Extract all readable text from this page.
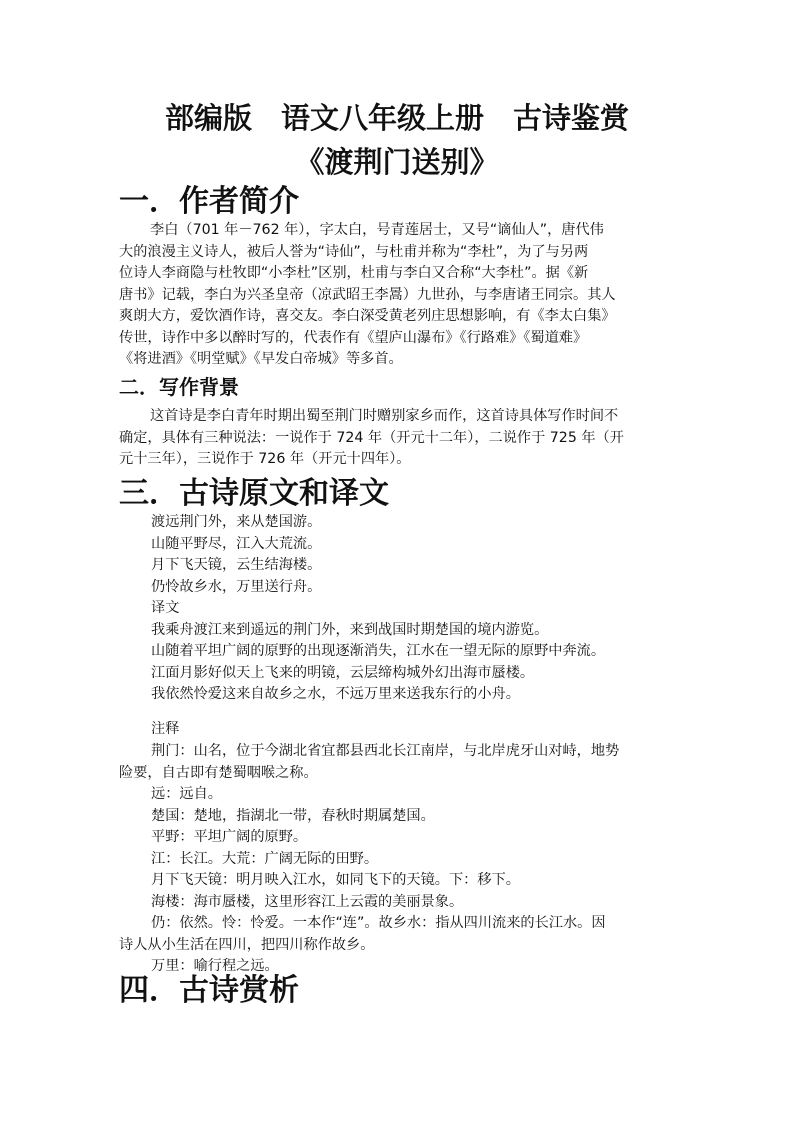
部编版　语文八年级上册　古诗鉴赏
《渡荆门送别》
一．作者简介
李白（701 年－762 年），字太白，号青莲居士，又号“谪仙人”，唐代伟
大的浪漫主义诗人，被后人誉为“诗仙”，与杜甫并称为“李杜”，为了与另两
位诗人李商隐与杜牧即“小李杜”区别，杜甫与李白又合称“大李杜”。据《新
唐书》记载，李白为兴圣皇帝（凉武昭王李暠）九世孙，与李唐诸王同宗。其人
爽朗大方，爱饮酒作诗，喜交友。李白深受黄老列庄思想影响，有《李太白集》
传世，诗作中多以醉时写的，代表作有《望庐山瀑布》《行路难》《蜀道难》
《将进酒》《明堂赋》《早发白帝城》等多首。
二．写作背景
这首诗是李白青年时期出蜀至荆门时赠别家乡而作，这首诗具体写作时间不
确定，具体有三种说法：一说作于 724 年（开元十二年），二说作于 725 年（开
元十三年），三说作于 726 年（开元十四年）。
三．古诗原文和译文
渡远荆门外，来从楚国游。
山随平野尽，江入大荒流。
月下飞天镜，云生结海楼。
仍怜故乡水，万里送行舟。
译文
我乘舟渡江来到遥远的荆门外，来到战国时期楚国的境内游览。
山随着平坦广阔的原野的出现逐渐消失，江水在一望无际的原野中奔流。
江面月影好似天上飞来的明镜，云层缔构城外幻出海市蜃楼。
我依然怜爱这来自故乡之水，不远万里来送我东行的小舟。
注释
荆门：山名，位于今湖北省宜都县西北长江南岸，与北岸虎牙山对峙，地势
险要，自古即有楚蜀咽喉之称。
远：远自。
楚国：楚地，指湖北一带，春秋时期属楚国。
平野：平坦广阔的原野。
江：长江。大荒：广阔无际的田野。
月下飞天镜：明月映入江水，如同飞下的天镜。下：移下。
海楼：海市蜃楼，这里形容江上云霞的美丽景象。
仍：依然。怜：怜爱。一本作“连”。故乡水：指从四川流来的长江水。因
诗人从小生活在四川，把四川称作故乡。
万里：喻行程之远。
四．古诗赏析
